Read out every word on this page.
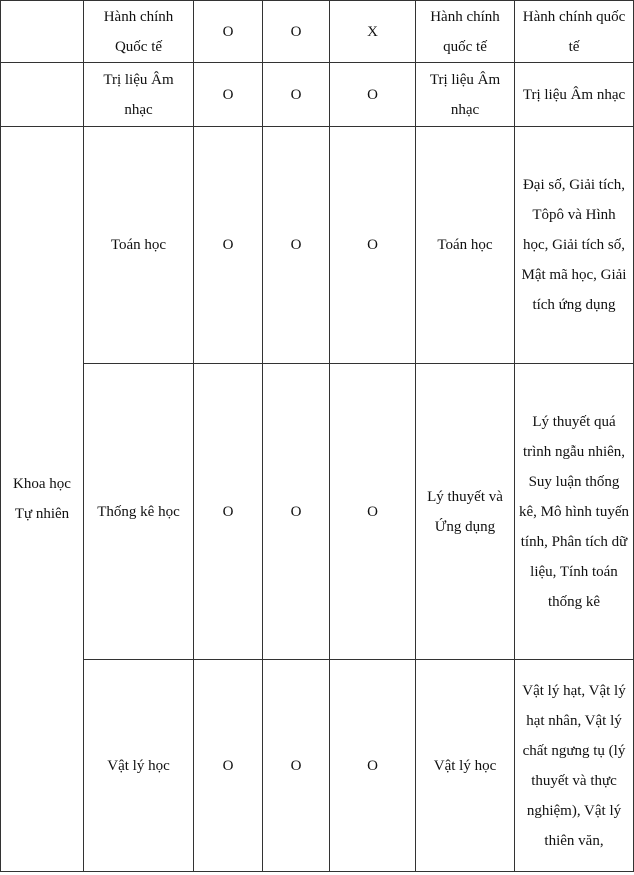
	Hành chính Quốc tế	O	O	X	Hành chính quốc tế	Hành chính quốc tế
	Trị liệu Âm nhạc	O	O	O	Trị liệu Âm nhạc	Trị liệu Âm nhạc
Khoa học Tự nhiên	Toán học	O	O	O	Toán học	Đại số, Giải tích, Tôpô và Hình học, Giải tích số, Mật mã học, Giải tích ứng dụng
	Thống kê học	O	O	O	Lý thuyết và Ứng dụng	Lý thuyết quá trình ngẫu nhiên, Suy luận thống kê, Mô hình tuyến tính, Phân tích dữ liệu, Tính toán thống kê
	Vật lý học	O	O	O	Vật lý học	Vật lý hạt, Vật lý hạt nhân, Vật lý chất ngưng tụ (lý thuyết và thực nghiệm), Vật lý thiên văn,
